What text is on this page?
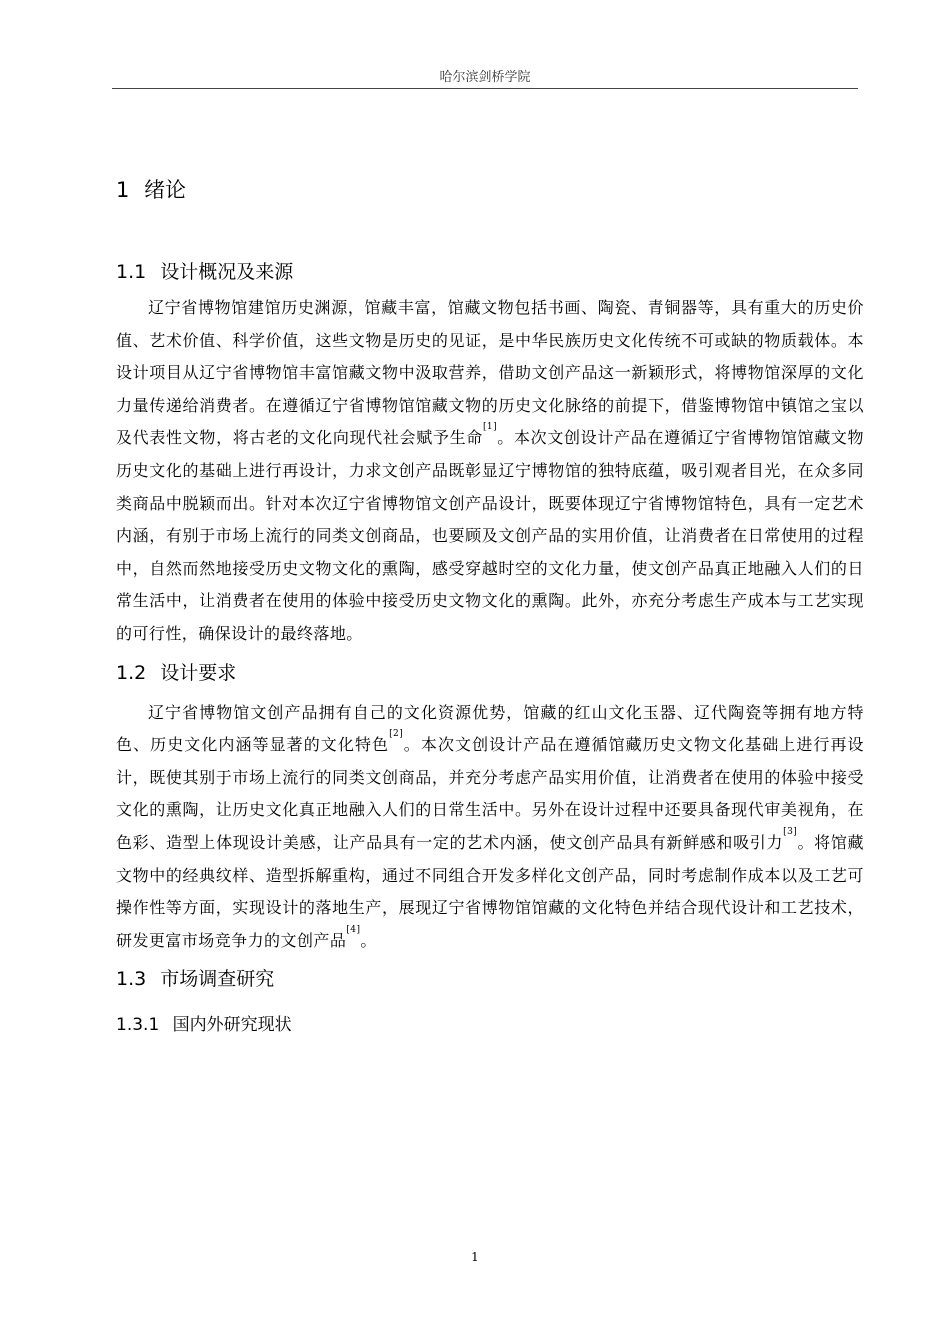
哈尔滨剑桥学院
1 绪论
1.1 设计概况及来源

辽宁省博物馆建馆历史渊源，馆藏丰富，馆藏文物包括书画、陶瓷、青铜器等，具有重大的历史价值、艺术价值、科学价值，这些文物是历史的见证，是中华民族历史文化传统不可或缺的物质载体。本设计项目从辽宁省博物馆丰富馆藏文物中汲取营养，借助文创产品这一新颖形式，将博物馆深厚的文化力量传递给消费者。在遵循辽宁省博物馆馆藏文物的历史文化脉络的前提下，借鉴博物馆中镇馆之宝以及代表性文物，将古老的文化向现代社会赋予生命[1]。本次文创设计产品在遵循辽宁省博物馆馆藏文物历史文化的基础上进行再设计，力求文创产品既彰显辽宁博物馆的独特底蕴，吸引观者目光，在众多同类商品中脱颖而出。针对本次辽宁省博物馆文创产品设计，既要体现辽宁省博物馆特色，具有一定艺术内涵，有别于市场上流行的同类文创商品，也要顾及文创产品的实用价值，让消费者在日常使用的过程中，自然而然地接受历史文物文化的熏陶，感受穿越时空的文化力量，使文创产品真正地融入人们的日常生活中，让消费者在使用的体验中接受历史文物文化的熏陶。此外，亦充分考虑生产成本与工艺实现的可行性，确保设计的最终落地。

1.2 设计要求

辽宁省博物馆文创产品拥有自己的文化资源优势，馆藏的红山文化玉器、辽代陶瓷等拥有地方特色、历史文化内涵等显著的文化特色[2]。本次文创设计产品在遵循馆藏历史文物文化基础上进行再设计，既使其别于市场上流行的同类文创商品，并充分考虑产品实用价值，让消费者在使用的体验中接受文化的熏陶，让历史文化真正地融入人们的日常生活中。另外在设计过程中还要具备现代审美视角，在色彩、造型上体现设计美感，让产品具有一定的艺术内涵，使文创产品具有新鲜感和吸引力[3]。将馆藏文物中的经典纹样、造型拆解重构，通过不同组合开发多样化文创产品，同时考虑制作成本以及工艺可操作性等方面，实现设计的落地生产，展现辽宁省博物馆馆藏的文化特色并结合现代设计和工艺技术，研发更富市场竞争力的文创产品[4]。

1.3 市场调查研究
1.3.1 国内外研究现状
1
